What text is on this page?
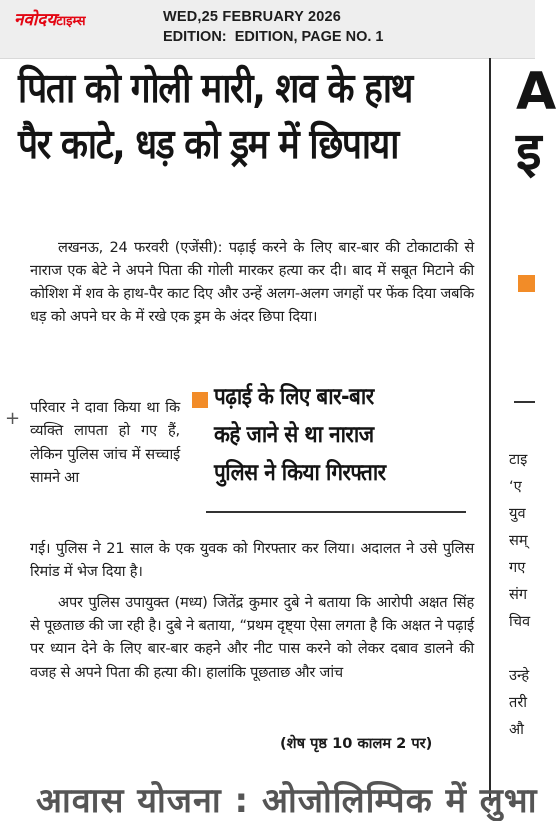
नवोदयटाइम्स	WED,25 FEBRUARY 2026
EDITION:  EDITION, PAGE NO. 1
पिता को गोली मारी, शव के हाथ
पैर काटे, धड़ को ड्रम में छिपाया
लखनऊ, 24 फरवरी (एजेंसी): पढ़ाई करने के लिए बार-बार की टोकाटाकी से नाराज एक बेटे ने अपने पिता की गोली मारकर हत्या कर दी। बाद में सबूत मिटाने की कोशिश में शव के हाथ-पैर काट दिए और उन्हें अलग-अलग जगहों पर फेंक दिया जबकि धड़ को अपने घर के में रखे एक ड्रम के अंदर छिपा दिया।
+
परिवार ने दावा किया था कि व्यक्ति लापता हो गए हैं, लेकिन पुलिस जांच में सच्चाई सामने आ
पढ़ाई के लिए बार-बार
कहे जाने से था नाराज
पुलिस ने किया गिरफ्तार
गई। पुलिस ने 21 साल के एक युवक को गिरफ्तार कर लिया। अदालत ने उसे पुलिस रिमांड में भेज दिया है।
अपर पुलिस उपायुक्त (मध्य) जितेंद्र कुमार दुबे ने बताया कि आरोपी अक्षत सिंह से पूछताछ की जा रही है। दुबे ने बताया, “प्रथम दृष्ट्या ऐसा लगता है कि अक्षत ने पढ़ाई पर ध्यान देने के लिए बार-बार कहने और नीट पास करने को लेकर दबाव डालने की वजह से अपने पिता की हत्या की। हालांकि पूछताछ और जांच
(शेष पृष्ठ 10 कालम 2 पर)
A
इ
टाइ
‘ए
युव
सम्
गए
संग
चिव

उन्हे
तरी
औ
आवास योजना : ओजोलिम्पिक में लुभा
